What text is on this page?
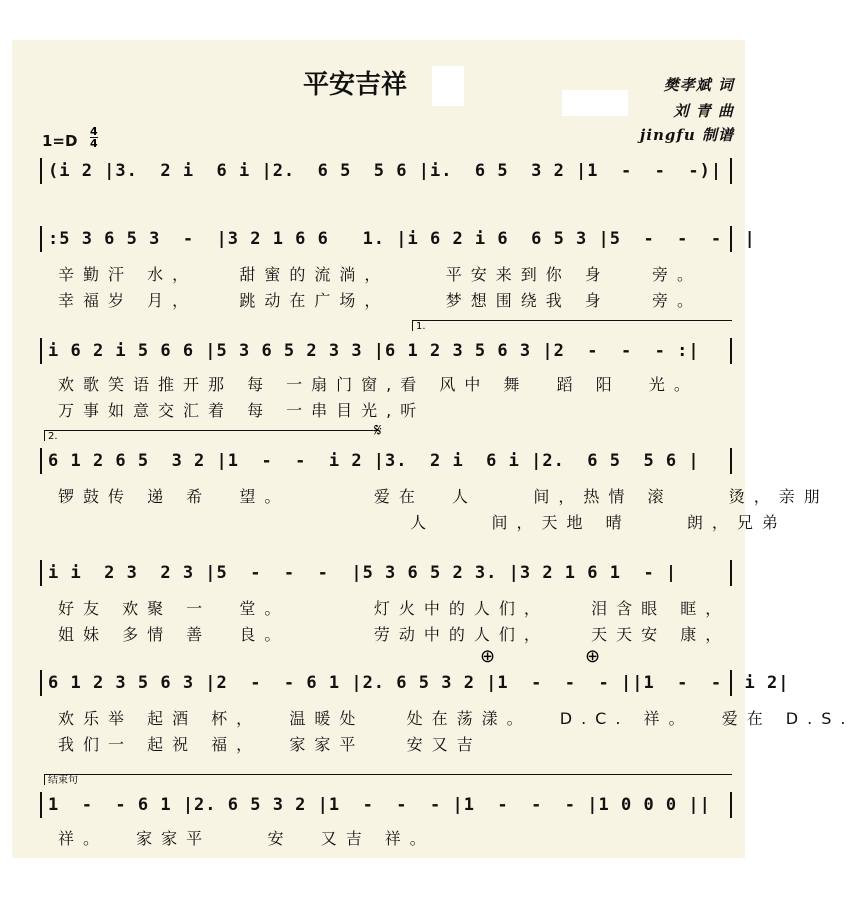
平安吉祥	樊孝斌 词
刘 青 曲
jingfu 制谱
1=D
4
4
(i 2 |3.  2 i  6 i |2.  6 5  5 6 |i.  6 5  3 2 |1  -  -  -)|
:5 3 6 5 3  -  |3 2 1 6 6   1. |i 6 2 i 6  6 5 3 |5  -  -  -  |
辛勤汗 水，   甜蜜的流淌，    平安来到你 身   旁。
幸福岁 月，   跳动在广场，    梦想围绕我 身   旁。
1.
i 6 2 i 5 6 6 |5 3 6 5 2 3 3 |6 1 2 3 5 6 3 |2  -  -  - :|
欢歌笑语推开那 每 一扇门窗,看 风中 舞  蹈 阳  光。
万事如意交汇着 每 一串目光,听
2.	𝄋
6 1 2 6 5  3 2 |1  -  -  i 2 |3.  2 i  6 i |2.  6 5  5 6 |
锣鼓传 递 希  望。      爱在  人    间，热情 滚    烫，亲朋
人    间，天地 晴    朗，兄弟
i i  2 3  2 3 |5  -  -  -  |5 3 6 5 2 3. |3 2 1 6 1  - |
好友 欢聚 一  堂。      灯火中的人们，   泪含眼 眶，
姐妹 多情 善  良。      劳动中的人们，   天天安 康，
⊕	⊕
6 1 2 3 5 6 3 |2  -  - 6 1 |2. 6 5 3 2 |1  -  -  - ||1  -  -  i 2|
欢乐举 起酒 杯，  温暖处   处在荡漾。  D.C. 祥。  爱在 D.S.
我们一 起祝 福，  家家平   安又吉
结束句
1  -  - 6 1 |2. 6 5 3 2 |1  -  -  - |1  -  -  - |1 0 0 0 ||
祥。  家家平    安  又吉 祥。
